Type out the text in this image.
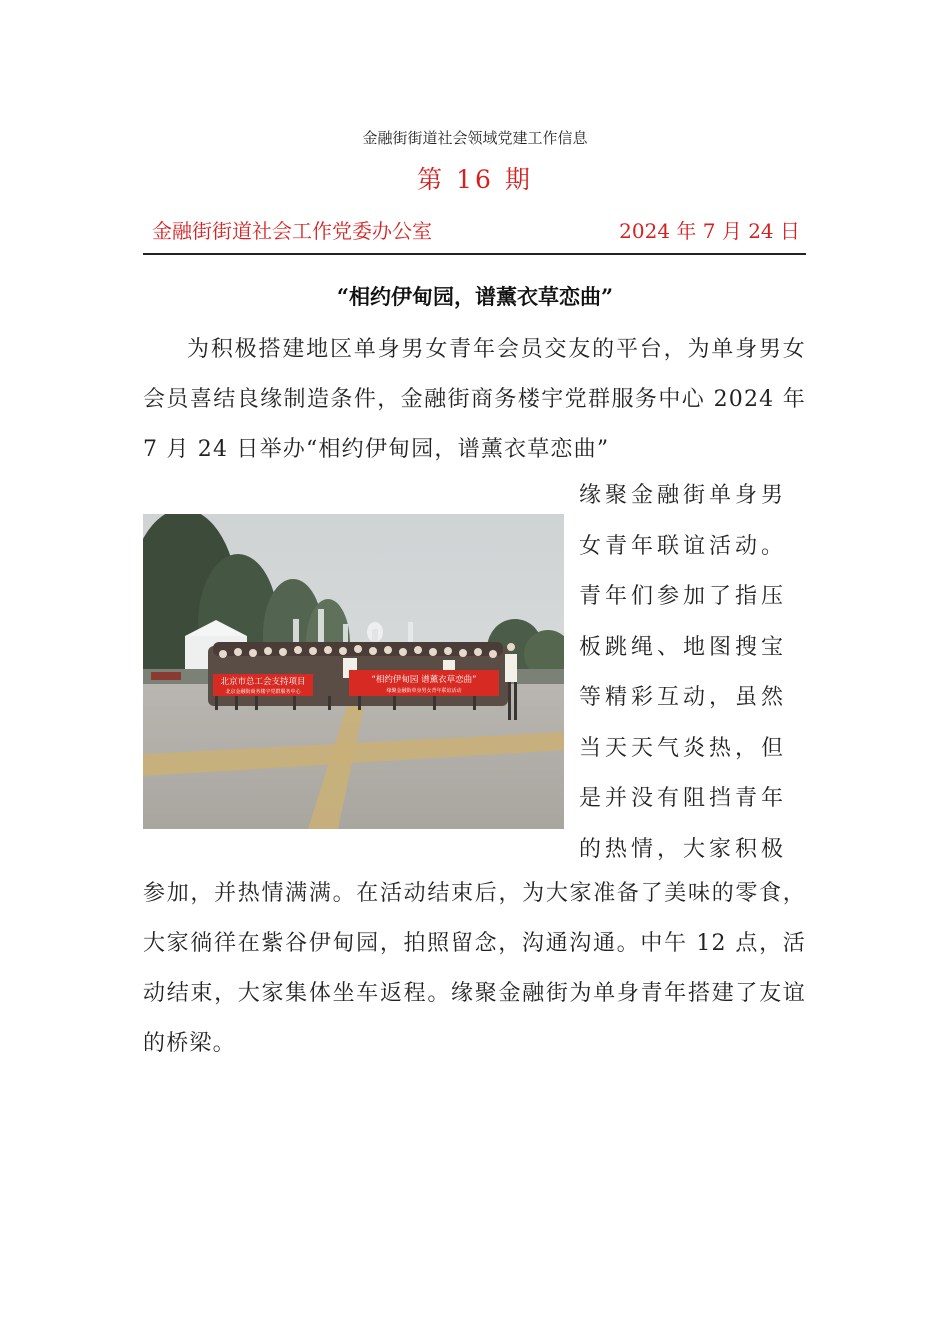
金融街街道社会领域党建工作信息
第 16 期
金融街街道社会工作党委办公室	2024 年 7 月 24 日
“相约伊甸园，谱薰衣草恋曲”

为积极搭建地区单身男女青年会员交友的平台，为单身男女会员喜结良缘制造条件，金融街商务楼宇党群服务中心 2024 年 7 月 24 日举办“相约伊甸园，谱薰衣草恋曲”

北京市总工会支持项目
北京金融街商务楼宇党群服务中心
“相约伊甸园 谱薰衣草恋曲”
缘聚金融街单身男女青年联谊活动
缘聚金融街单身男
女青年联谊活动。
青年们参加了指压
板跳绳、地图搜宝
等精彩互动，虽然
当天天气炎热，但
是并没有阻挡青年
的热情，大家积极

参加，并热情满满。在活动结束后，为大家准备了美味的零食，大家徜徉在紫谷伊甸园，拍照留念，沟通沟通。中午 12 点，活动结束，大家集体坐车返程。缘聚金融街为单身青年搭建了友谊的桥梁。
